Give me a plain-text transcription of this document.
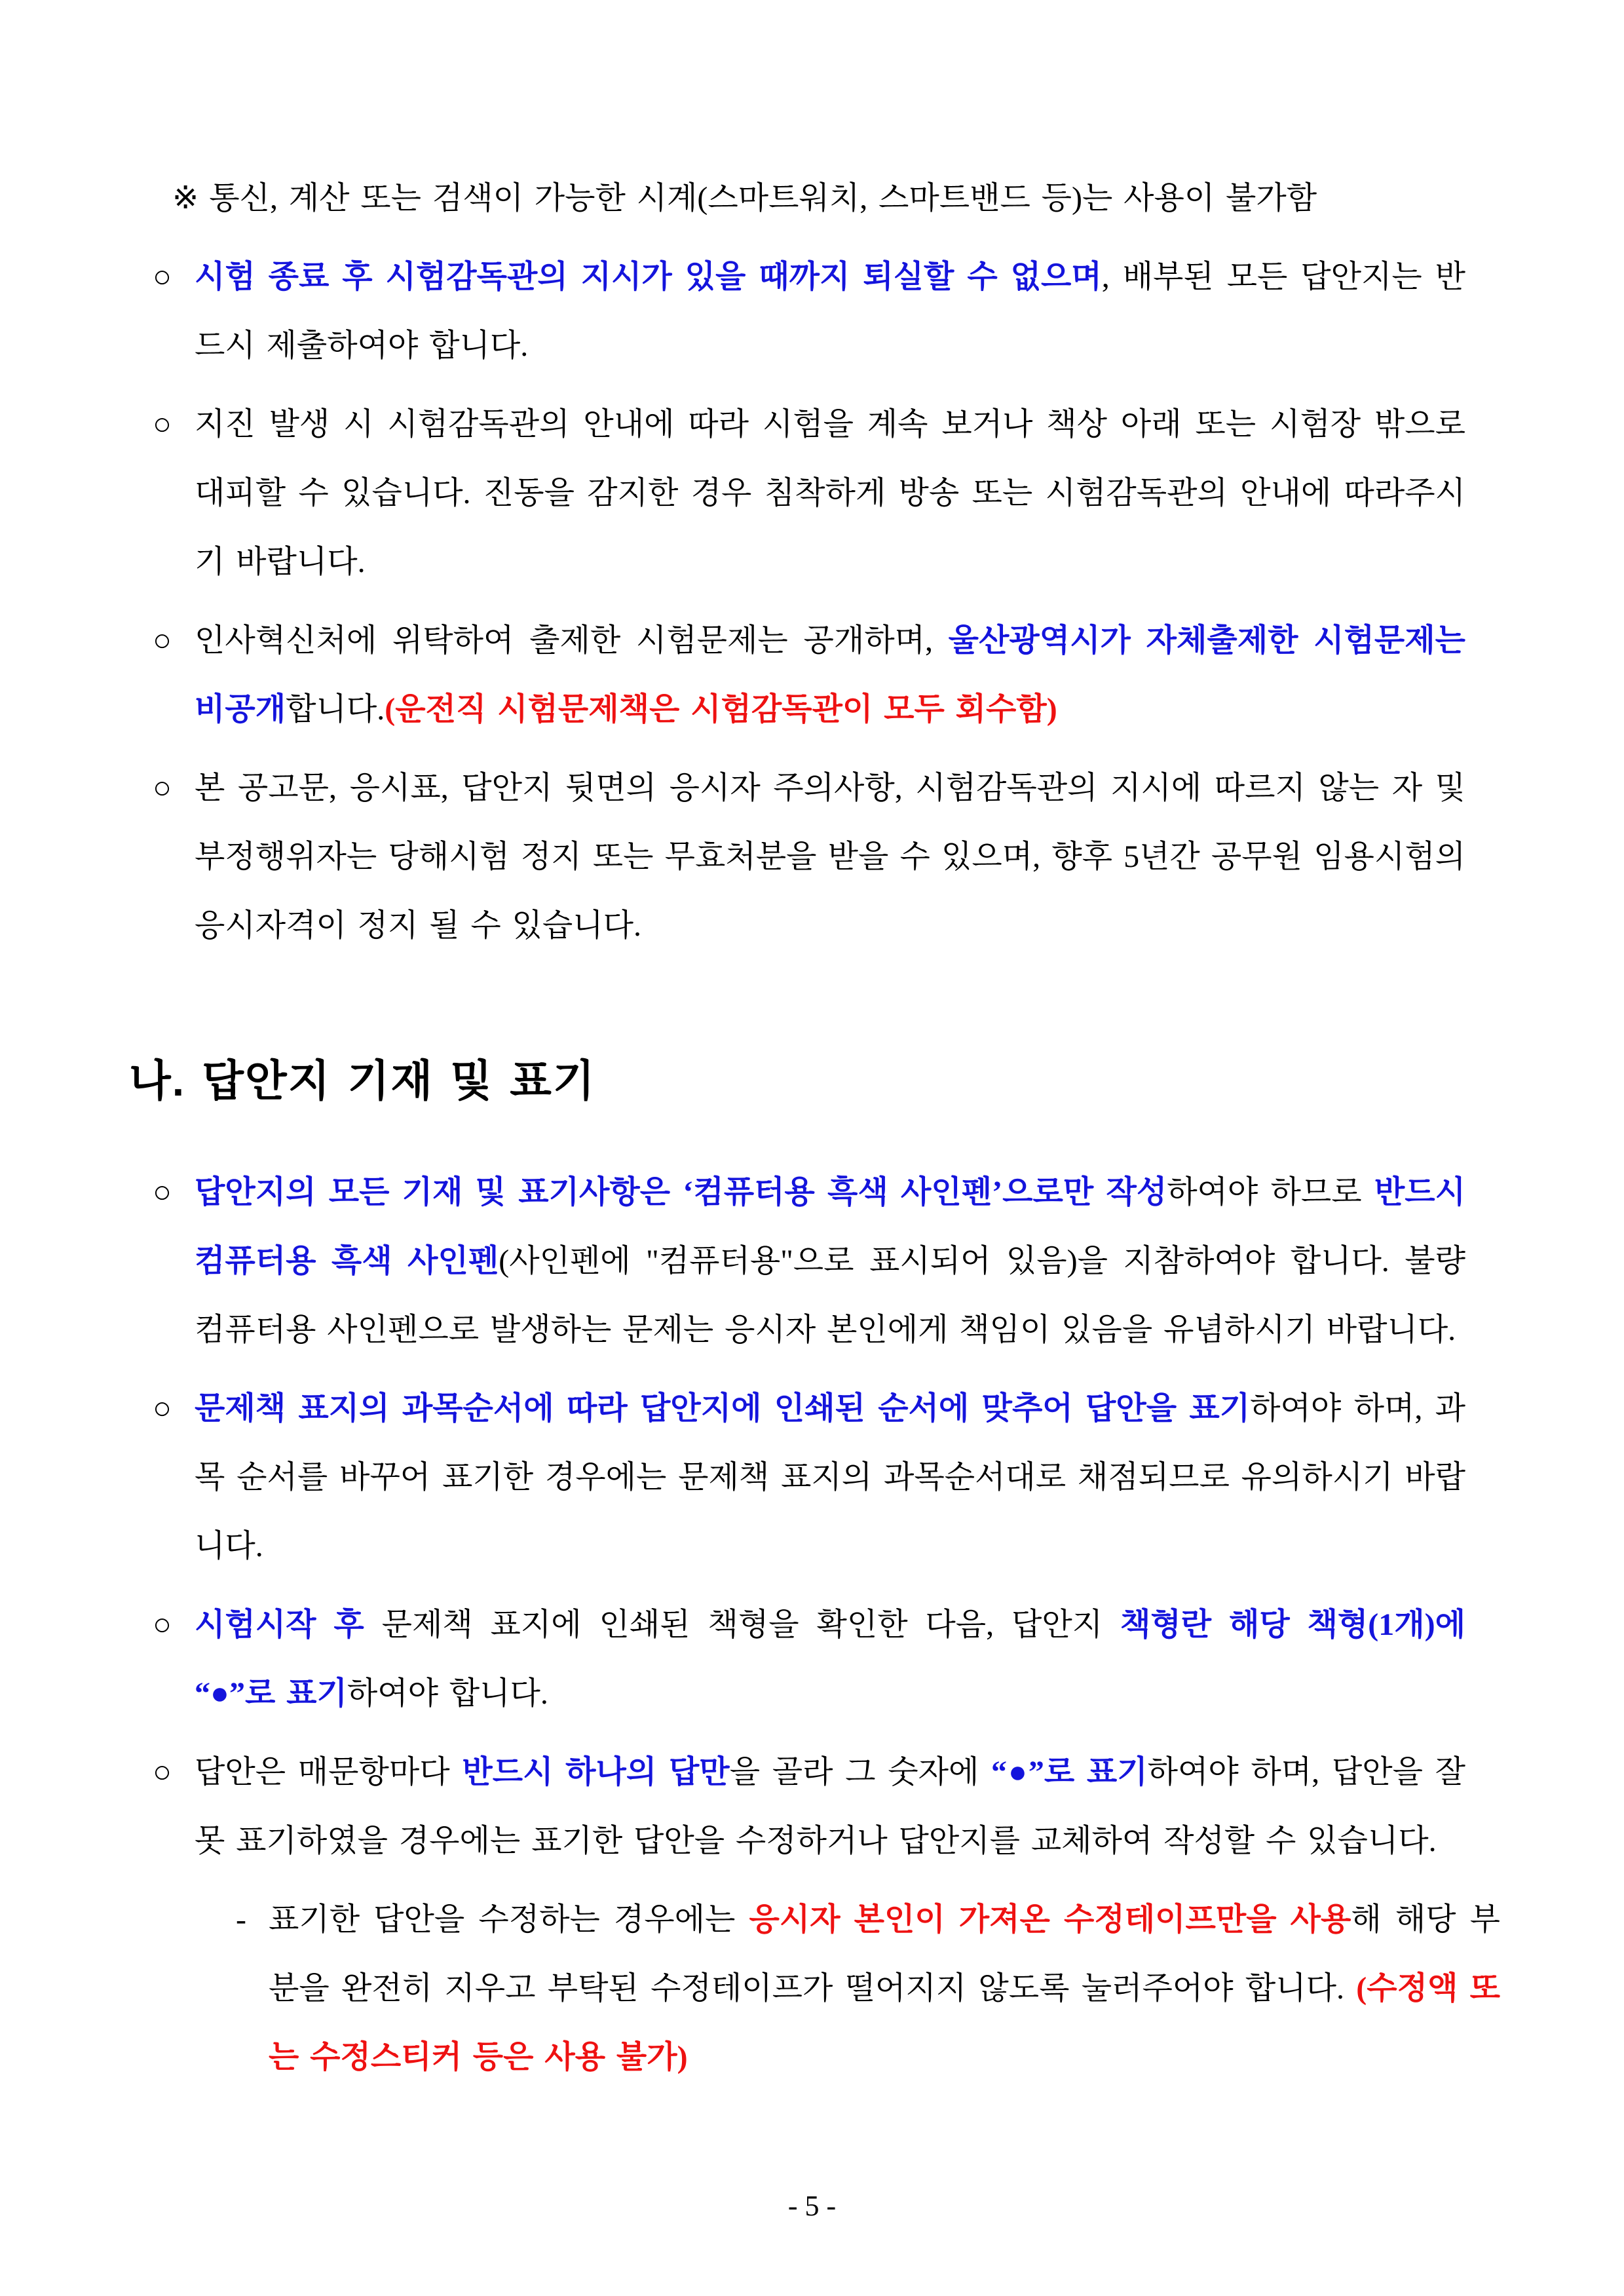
※ 통신, 계산 또는 검색이 가능한 시계(스마트워치, 스마트밴드 등)는 사용이 불가함
○ 시험 종료 후 시험감독관의 지시가 있을 때까지 퇴실할 수 없으며, 배부된 모든 답안지는 반드시 제출하여야 합니다.
○ 지진 발생 시 시험감독관의 안내에 따라 시험을 계속 보거나 책상 아래 또는 시험장 밖으로 대피할 수 있습니다. 진동을 감지한 경우 침착하게 방송 또는 시험감독관의 안내에 따라주시기 바랍니다.
○ 인사혁신처에 위탁하여 출제한 시험문제는 공개하며, 울산광역시가 자체출제한 시험문제는 비공개합니다.(운전직 시험문제책은 시험감독관이 모두 회수함)
○ 본 공고문, 응시표, 답안지 뒷면의 응시자 주의사항, 시험감독관의 지시에 따르지 않는 자 및 부정행위자는 당해시험 정지 또는 무효처분을 받을 수 있으며, 향후 5년간 공무원 임용시험의 응시자격이 정지 될 수 있습니다.
나. 답안지 기재 및 표기
○ 답안지의 모든 기재 및 표기사항은 ‘컴퓨터용 흑색 사인펜’으로만 작성하여야 하므로 반드시 컴퓨터용 흑색 사인펜(사인펜에 "컴퓨터용"으로 표시되어 있음)을 지참하여야 합니다. 불량 컴퓨터용 사인펜으로 발생하는 문제는 응시자 본인에게 책임이 있음을 유념하시기 바랍니다.
○ 문제책 표지의 과목순서에 따라 답안지에 인쇄된 순서에 맞추어 답안을 표기하여야 하며, 과목 순서를 바꾸어 표기한 경우에는 문제책 표지의 과목순서대로 채점되므로 유의하시기 바랍니다.
○ 시험시작 후 문제책 표지에 인쇄된 책형을 확인한 다음, 답안지 책형란 해당 책형(1개)에 “●”로 표기하여야 합니다.
○ 답안은 매문항마다 반드시 하나의 답만을 골라 그 숫자에 “●”로 표기하여야 하며, 답안을 잘못 표기하였을 경우에는 표기한 답안을 수정하거나 답안지를 교체하여 작성할 수 있습니다.
- 표기한 답안을 수정하는 경우에는 응시자 본인이 가져온 수정테이프만을 사용해 해당 부분을 완전히 지우고 부탁된 수정테이프가 떨어지지 않도록 눌러주어야 합니다. (수정액 또는 수정스티커 등은 사용 불가)
- 5 -
